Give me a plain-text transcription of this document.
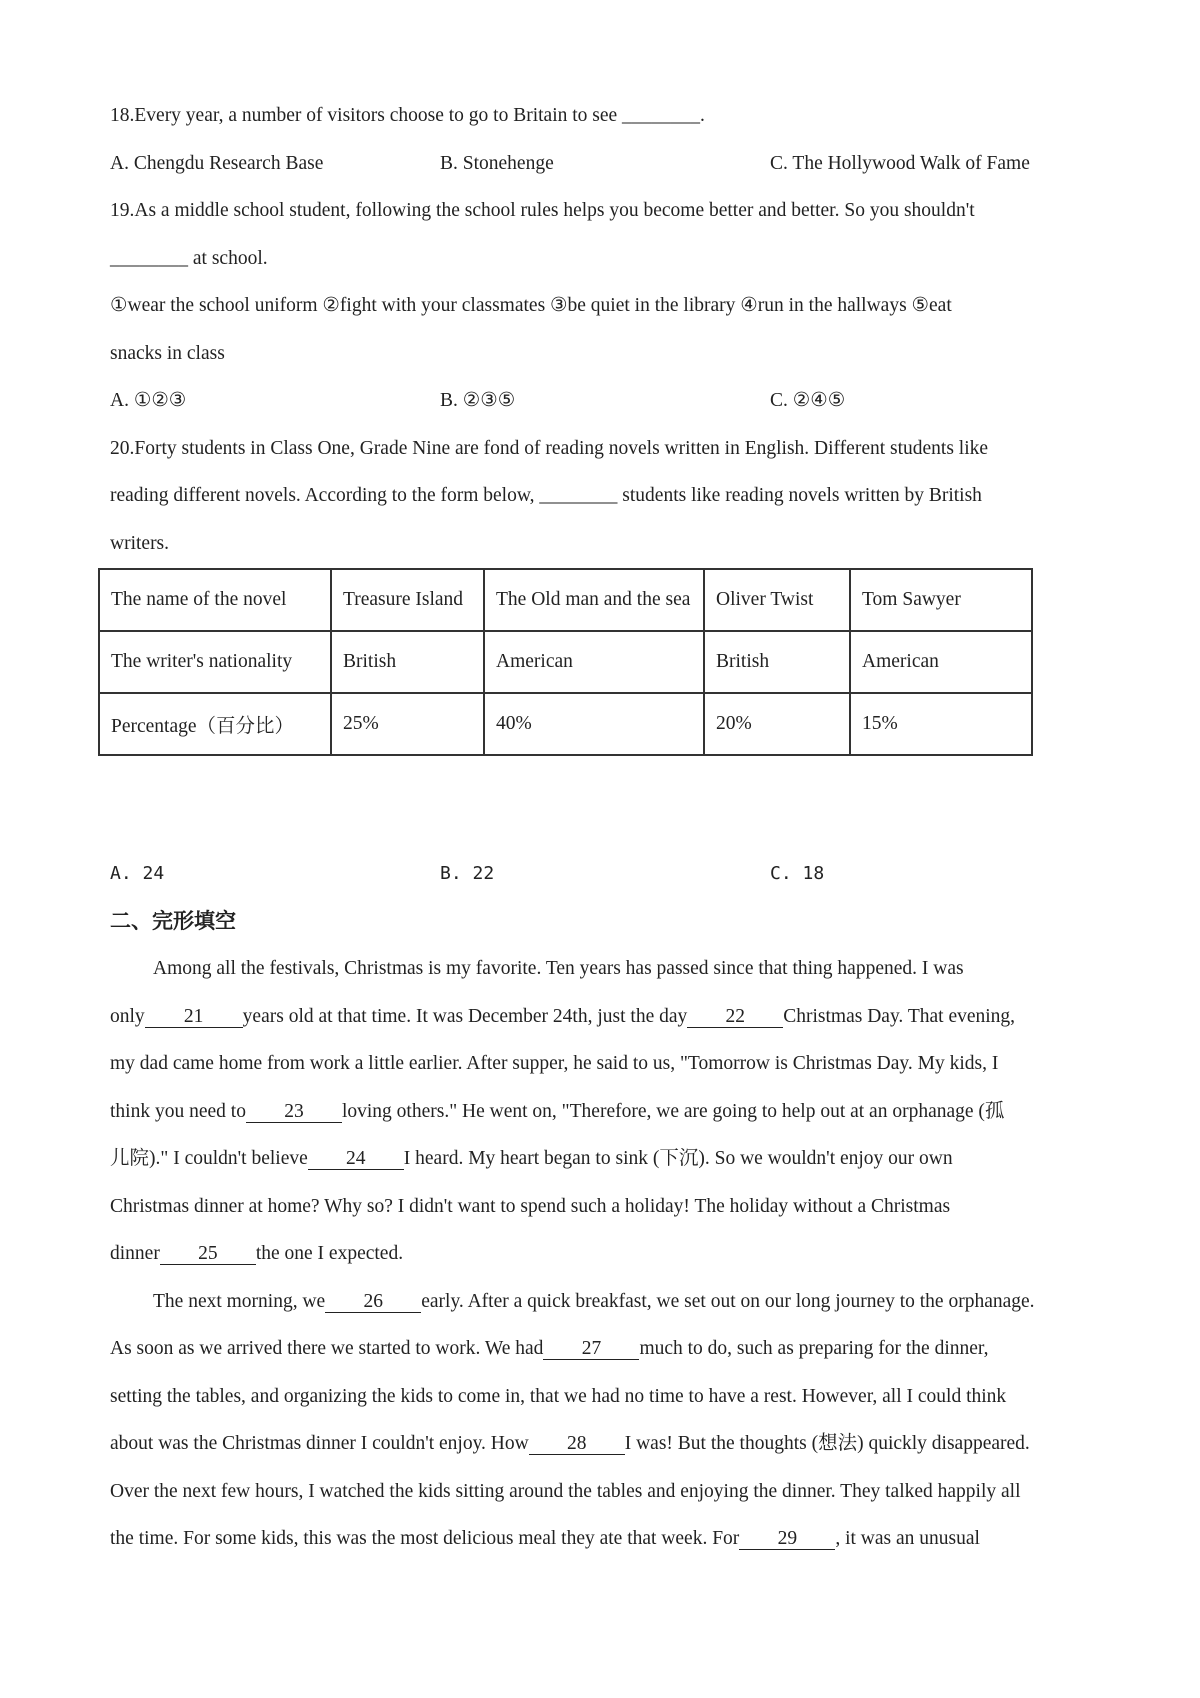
18.Every year, a number of visitors choose to go to Britain to see ________.
A. Chengdu Research Base	B. Stonehenge	C. The Hollywood Walk of Fame
19.As a middle school student, following the school rules helps you become better and better. So you shouldn't
________ at school.
①wear the school uniform ②fight with your classmates ③be quiet in the library ④run in the hallways ⑤eat
snacks in class
A. ①②③	B. ②③⑤	C. ②④⑤
20.Forty students in Class One, Grade Nine are fond of reading novels written in English. Different students like
reading different novels. According to the form below, ________ students like reading novels written by British
writers.
The name of the novel	Treasure Island	The Old man and the sea	Oliver Twist	Tom Sawyer
The writer's nationality	British	American	British	American
Percentage（百分比）	25%	40%	20%	15%
A. 24	B. 22	C. 18
二、完形填空
Among all the festivals, Christmas is my favorite. Ten years has passed since that thing happened. I was
only 21 years old at that time. It was December 24th, just the day 22 Christmas Day. That evening,
my dad came home from work a little earlier. After supper, he said to us, "Tomorrow is Christmas Day. My kids, I
think you need to 23 loving others." He went on, "Therefore, we are going to help out at an orphanage (孤
儿院)." I couldn't believe 24 I heard. My heart began to sink (下沉). So we wouldn't enjoy our own
Christmas dinner at home? Why so? I didn't want to spend such a holiday! The holiday without a Christmas
dinner 25 the one I expected.
The next morning, we 26 early. After a quick breakfast, we set out on our long journey to the orphanage.
As soon as we arrived there we started to work. We had 27 much to do, such as preparing for the dinner,
setting the tables, and organizing the kids to come in, that we had no time to have a rest. However, all I could think
about was the Christmas dinner I couldn't enjoy. How 28 I was! But the thoughts (想法) quickly disappeared.
Over the next few hours, I watched the kids sitting around the tables and enjoying the dinner. They talked happily all
the time. For some kids, this was the most delicious meal they ate that week. For 29 , it was an unusual
